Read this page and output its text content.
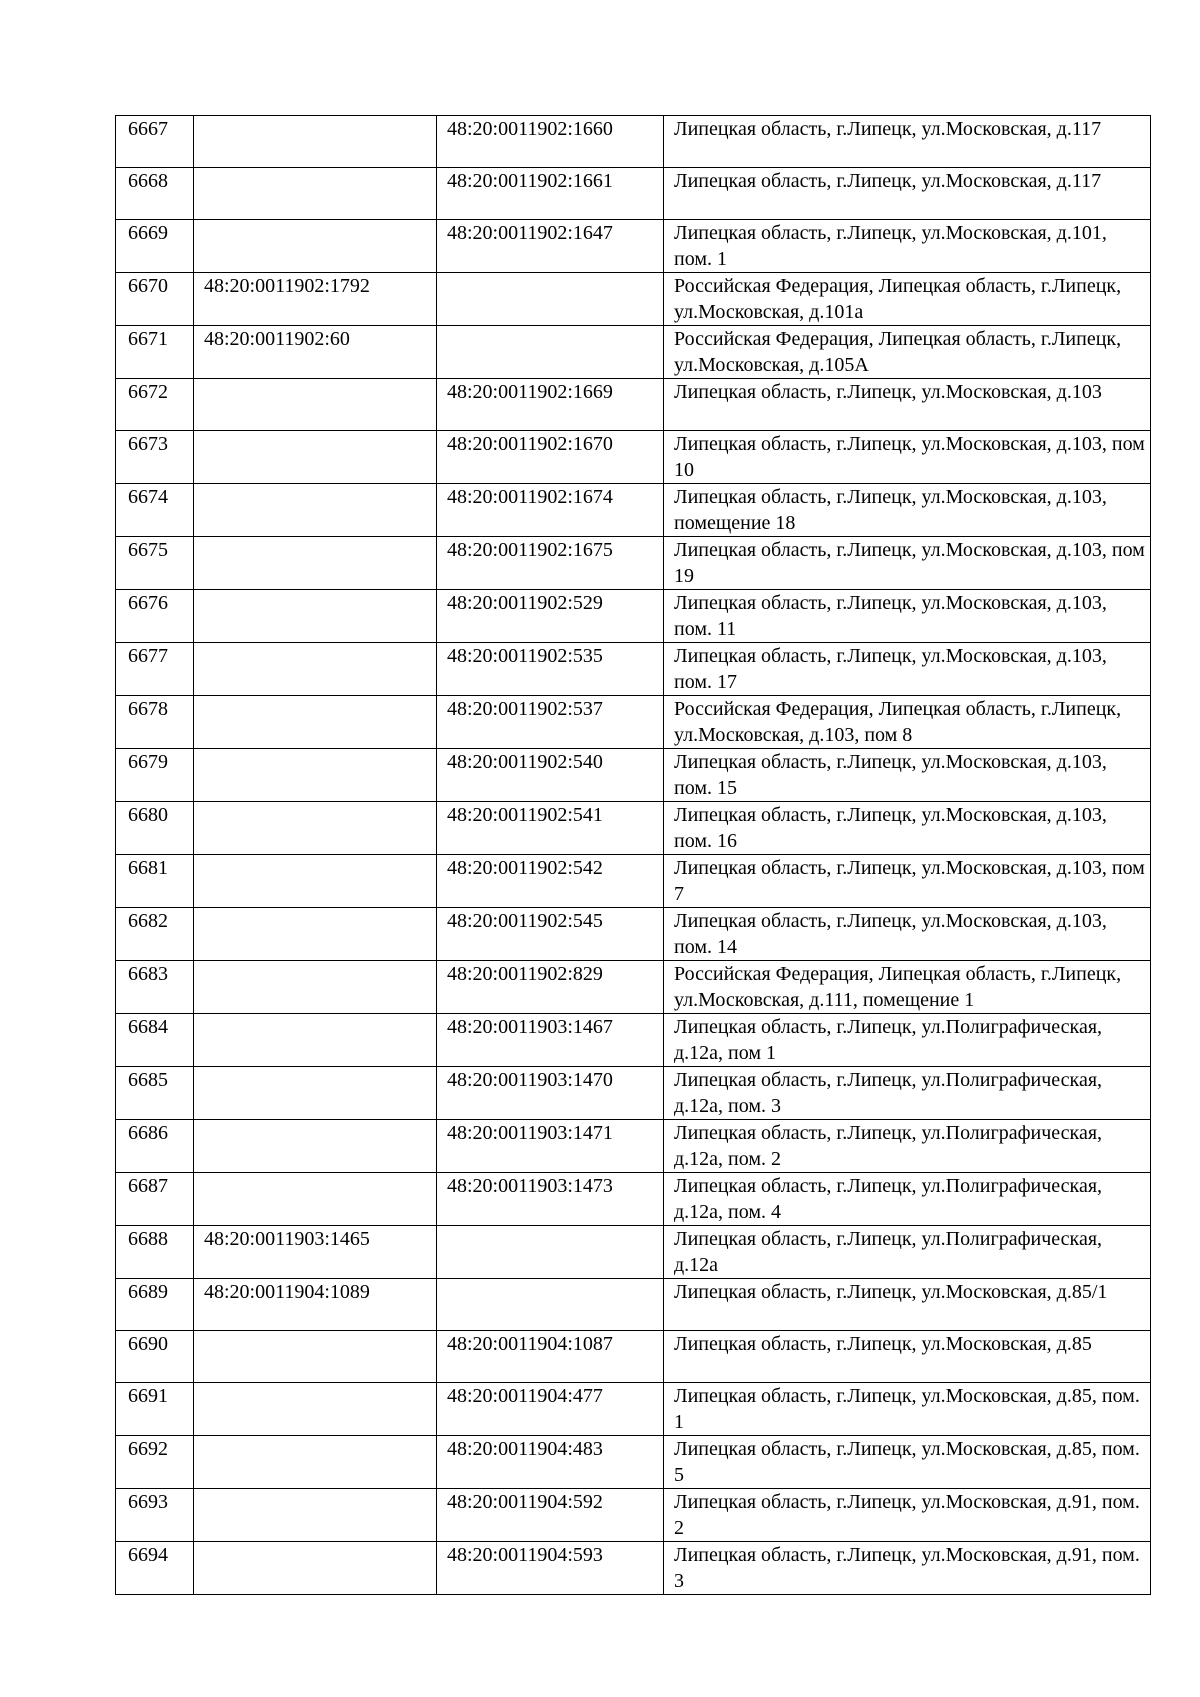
6667		48:20:0011902:1660	Липецкая область, г.Липецк, ул.Московская, д.117
6668		48:20:0011902:1661	Липецкая область, г.Липецк, ул.Московская, д.117
6669		48:20:0011902:1647	Липецкая область, г.Липецк, ул.Московская, д.101, пом. 1
6670	48:20:0011902:1792		Российская Федерация, Липецкая область, г.Липецк, ул.Московская, д.101а
6671	48:20:0011902:60		Российская Федерация, Липецкая область, г.Липецк, ул.Московская, д.105А
6672		48:20:0011902:1669	Липецкая область, г.Липецк, ул.Московская, д.103
6673		48:20:0011902:1670	Липецкая область, г.Липецк, ул.Московская, д.103, пом 10
6674		48:20:0011902:1674	Липецкая область, г.Липецк, ул.Московская, д.103, помещение 18
6675		48:20:0011902:1675	Липецкая область, г.Липецк, ул.Московская, д.103, пом 19
6676		48:20:0011902:529	Липецкая область, г.Липецк, ул.Московская, д.103, пом. 11
6677		48:20:0011902:535	Липецкая область, г.Липецк, ул.Московская, д.103, пом. 17
6678		48:20:0011902:537	Российская Федерация, Липецкая область, г.Липецк, ул.Московская, д.103, пом 8
6679		48:20:0011902:540	Липецкая область, г.Липецк, ул.Московская, д.103, пом. 15
6680		48:20:0011902:541	Липецкая область, г.Липецк, ул.Московская, д.103, пом. 16
6681		48:20:0011902:542	Липецкая область, г.Липецк, ул.Московская, д.103, пом 7
6682		48:20:0011902:545	Липецкая область, г.Липецк, ул.Московская, д.103, пом. 14
6683		48:20:0011902:829	Российская Федерация, Липецкая область, г.Липецк, ул.Московская, д.111, помещение 1
6684		48:20:0011903:1467	Липецкая область, г.Липецк, ул.Полиграфическая, д.12а, пом 1
6685		48:20:0011903:1470	Липецкая область, г.Липецк, ул.Полиграфическая, д.12а, пом. 3
6686		48:20:0011903:1471	Липецкая область, г.Липецк, ул.Полиграфическая, д.12а, пом. 2
6687		48:20:0011903:1473	Липецкая область, г.Липецк, ул.Полиграфическая, д.12а, пом. 4
6688	48:20:0011903:1465		Липецкая область, г.Липецк, ул.Полиграфическая, д.12а
6689	48:20:0011904:1089		Липецкая область, г.Липецк, ул.Московская, д.85/1
6690		48:20:0011904:1087	Липецкая область, г.Липецк, ул.Московская, д.85
6691		48:20:0011904:477	Липецкая область, г.Липецк, ул.Московская, д.85, пом. 1
6692		48:20:0011904:483	Липецкая область, г.Липецк, ул.Московская, д.85, пом. 5
6693		48:20:0011904:592	Липецкая область, г.Липецк, ул.Московская, д.91, пом. 2
6694		48:20:0011904:593	Липецкая область, г.Липецк, ул.Московская, д.91, пом. 3
